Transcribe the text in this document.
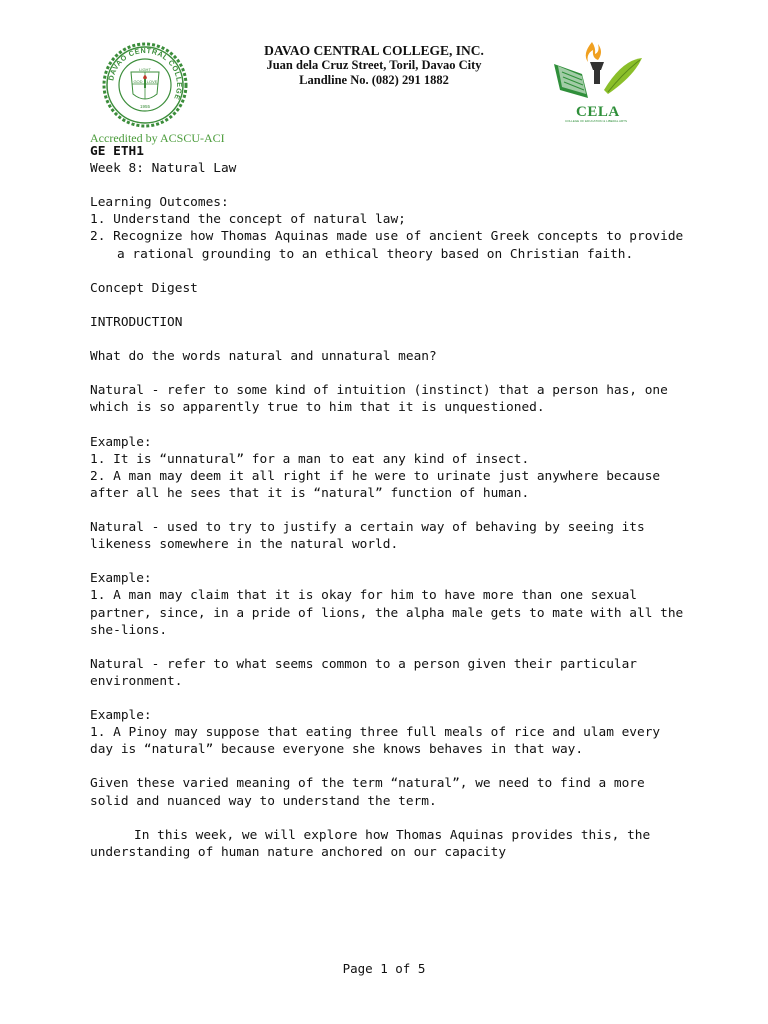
DAVAO CENTRAL COLLEGE
GOD
LIGHT
LOVE
1955
DAVAO CENTRAL COLLEGE, INC.
Juan dela Cruz Street, Toril, Davao City
Landline No. (082) 291 1882
CELA
COLLEGE OF EDUCATION & LIBERAL ARTS
Accredited by ACSCU-ACI

GE ETH1

Week 8: Natural Law

Learning Outcomes:
1. Understand the concept of natural law;
2. Recognize how Thomas Aquinas made use of ancient Greek concepts to provide a rational grounding to an ethical theory based on Christian faith.

Concept Digest

INTRODUCTION

What do the words natural and unnatural mean?

Natural - refer to some kind of intuition (instinct) that a person has, one which is so apparently true to him that it is unquestioned.

Example:
1. It is “unnatural” for a man to eat any kind of insect.
2. A man may deem it all right if he were to urinate just anywhere because after all he sees that it is “natural” function of human.

Natural - used to try to justify a certain way of behaving by seeing its likeness somewhere in the natural world.

Example:
1. A man may claim that it is okay for him to have more than one sexual partner, since, in a pride of lions, the alpha male gets to mate with all the she-lions.

Natural - refer to what seems common to a person given their particular environment.

Example:
1. A Pinoy may suppose that eating three full meals of rice and ulam every day is “natural” because everyone she knows behaves in that way.

Given these varied meaning of the term “natural”, we need to find a more solid and nuanced way to understand the term.

In this week, we will explore how Thomas Aquinas provides this, the understanding of human nature anchored on our capacity

Page 1 of 5
